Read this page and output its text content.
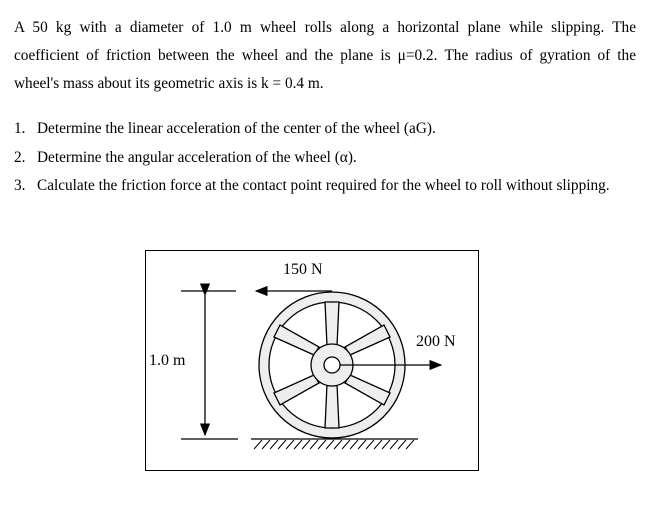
A 50 kg with a diameter of 1.0 m wheel rolls along a horizontal plane while slipping. The
coefficient of friction between the wheel and the plane is μ=0.2. The radius of gyration of the
wheel's mass about its geometric axis is k = 0.4 m.
1. Determine the linear acceleration of the center of the wheel (aG).
2. Determine the angular acceleration of the wheel (α).
3. Calculate the friction force at the contact point required for the wheel to roll without slipping.
150 N
200 N
1.0 m
